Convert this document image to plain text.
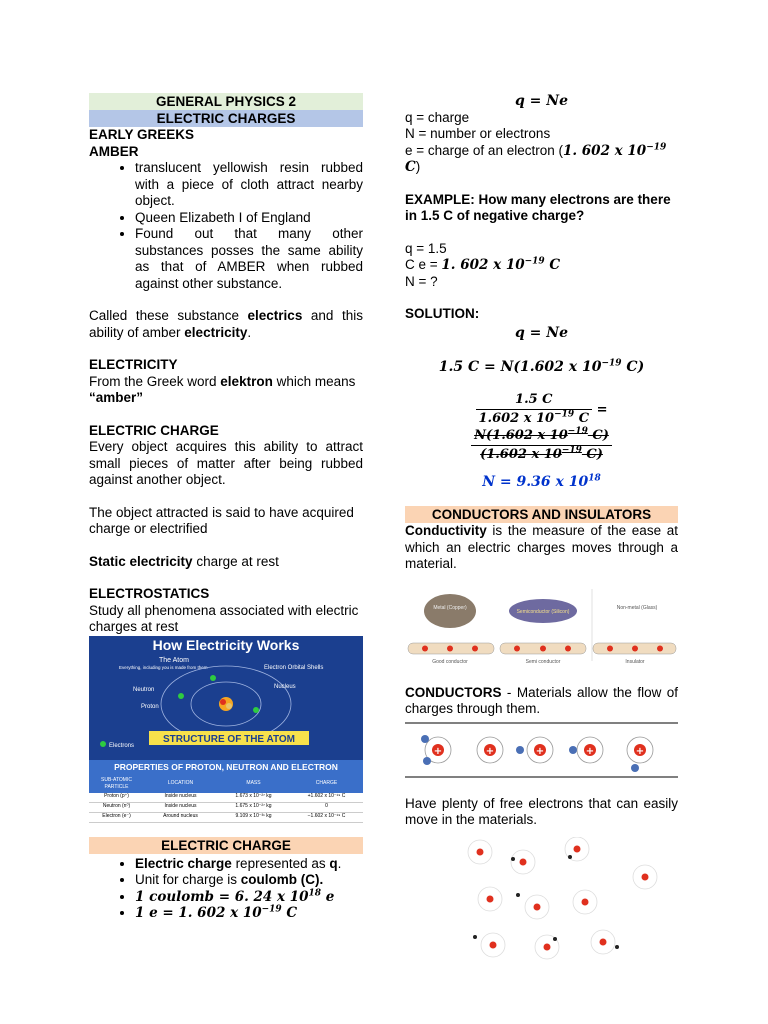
GENERAL PHYSICS 2
ELECTRIC CHARGES
EARLY GREEKS
AMBER
• translucent yellowish resin rubbed with a piece of cloth attract nearby object.
• Queen Elizabeth I of England
• Found out that many other substances posses the same ability as that of AMBER when rubbed against other substance.

Called these substance electrics and this ability of amber electricity.

ELECTRICITY

From the Greek word elektron which means “amber”

ELECTRIC CHARGE

Every object acquires this ability to attract small pieces of matter after being rubbed against another object.

The object attracted is said to have acquired charge or electrified

Static electricity charge at rest

ELECTROSTATICS

Study all phenomena associated with electric charges at rest

How Electricity Works
The Atom
Everything, including you is made from them
Electrons
Electron Orbital Shells
Nucleus
Neutron
Proton
STRUCTURE OF THE ATOM
PROPERTIES OF PROTON, NEUTRON AND ELECTRON
SUB-ATOMIC PARTICLE
LOCATION	MASS	CHARGE
Proton (p⁺)	Inside nucleus	1.673 x 10⁻²⁷ kg	+1.602 x 10⁻¹⁹ C
Neutron (n⁰)	Inside nucleus	1.675 x 10⁻²⁷ kg	0
Electron (e⁻)	Around nucleus	9.109 x 10⁻³¹ kg	−1.602 x 10⁻¹⁹ C
ELECTRIC CHARGE
• Electric charge represented as q.
• Unit for charge is coulomb (C).
• 1 coulomb = 6. 24 x $10^{18}$ e
• 1 e = 1. 602 x $10^{-19}$ C
q = Ne

q = charge

N = number or electrons

e = charge of an electron (1. 602 x $10^{-19}$ C)

EXAMPLE: How many electrons are there in 1.5 C of negative charge?

q = 1.5

C e = 1. 602 x $10^{-19}$ C

N = ?

SOLUTION:

q = Ne
1.5 C = N(1.602 x $10^{-19}$ C)
$\frac{1.5 C}{1.602 x 10^{-19} C}$ =
$\frac{N(1.602 x 10^{-19} C)}{(1.602 x 10^{-19} C)}$
N = 9.36 x $10^{18}$
CONDUCTORS AND INSULATORS

Conductivity is the measure of the ease at which an electric charges moves through a material.

Metal (Copper)
Semiconductor (Silicon)
Non-metal (Glass)
Good conductor	Semi conductor	Insulator

CONDUCTORS - Materials allow the flow of charges through them.

+	+	+	+	+

Have plenty of free electrons that can easily move in the materials.
